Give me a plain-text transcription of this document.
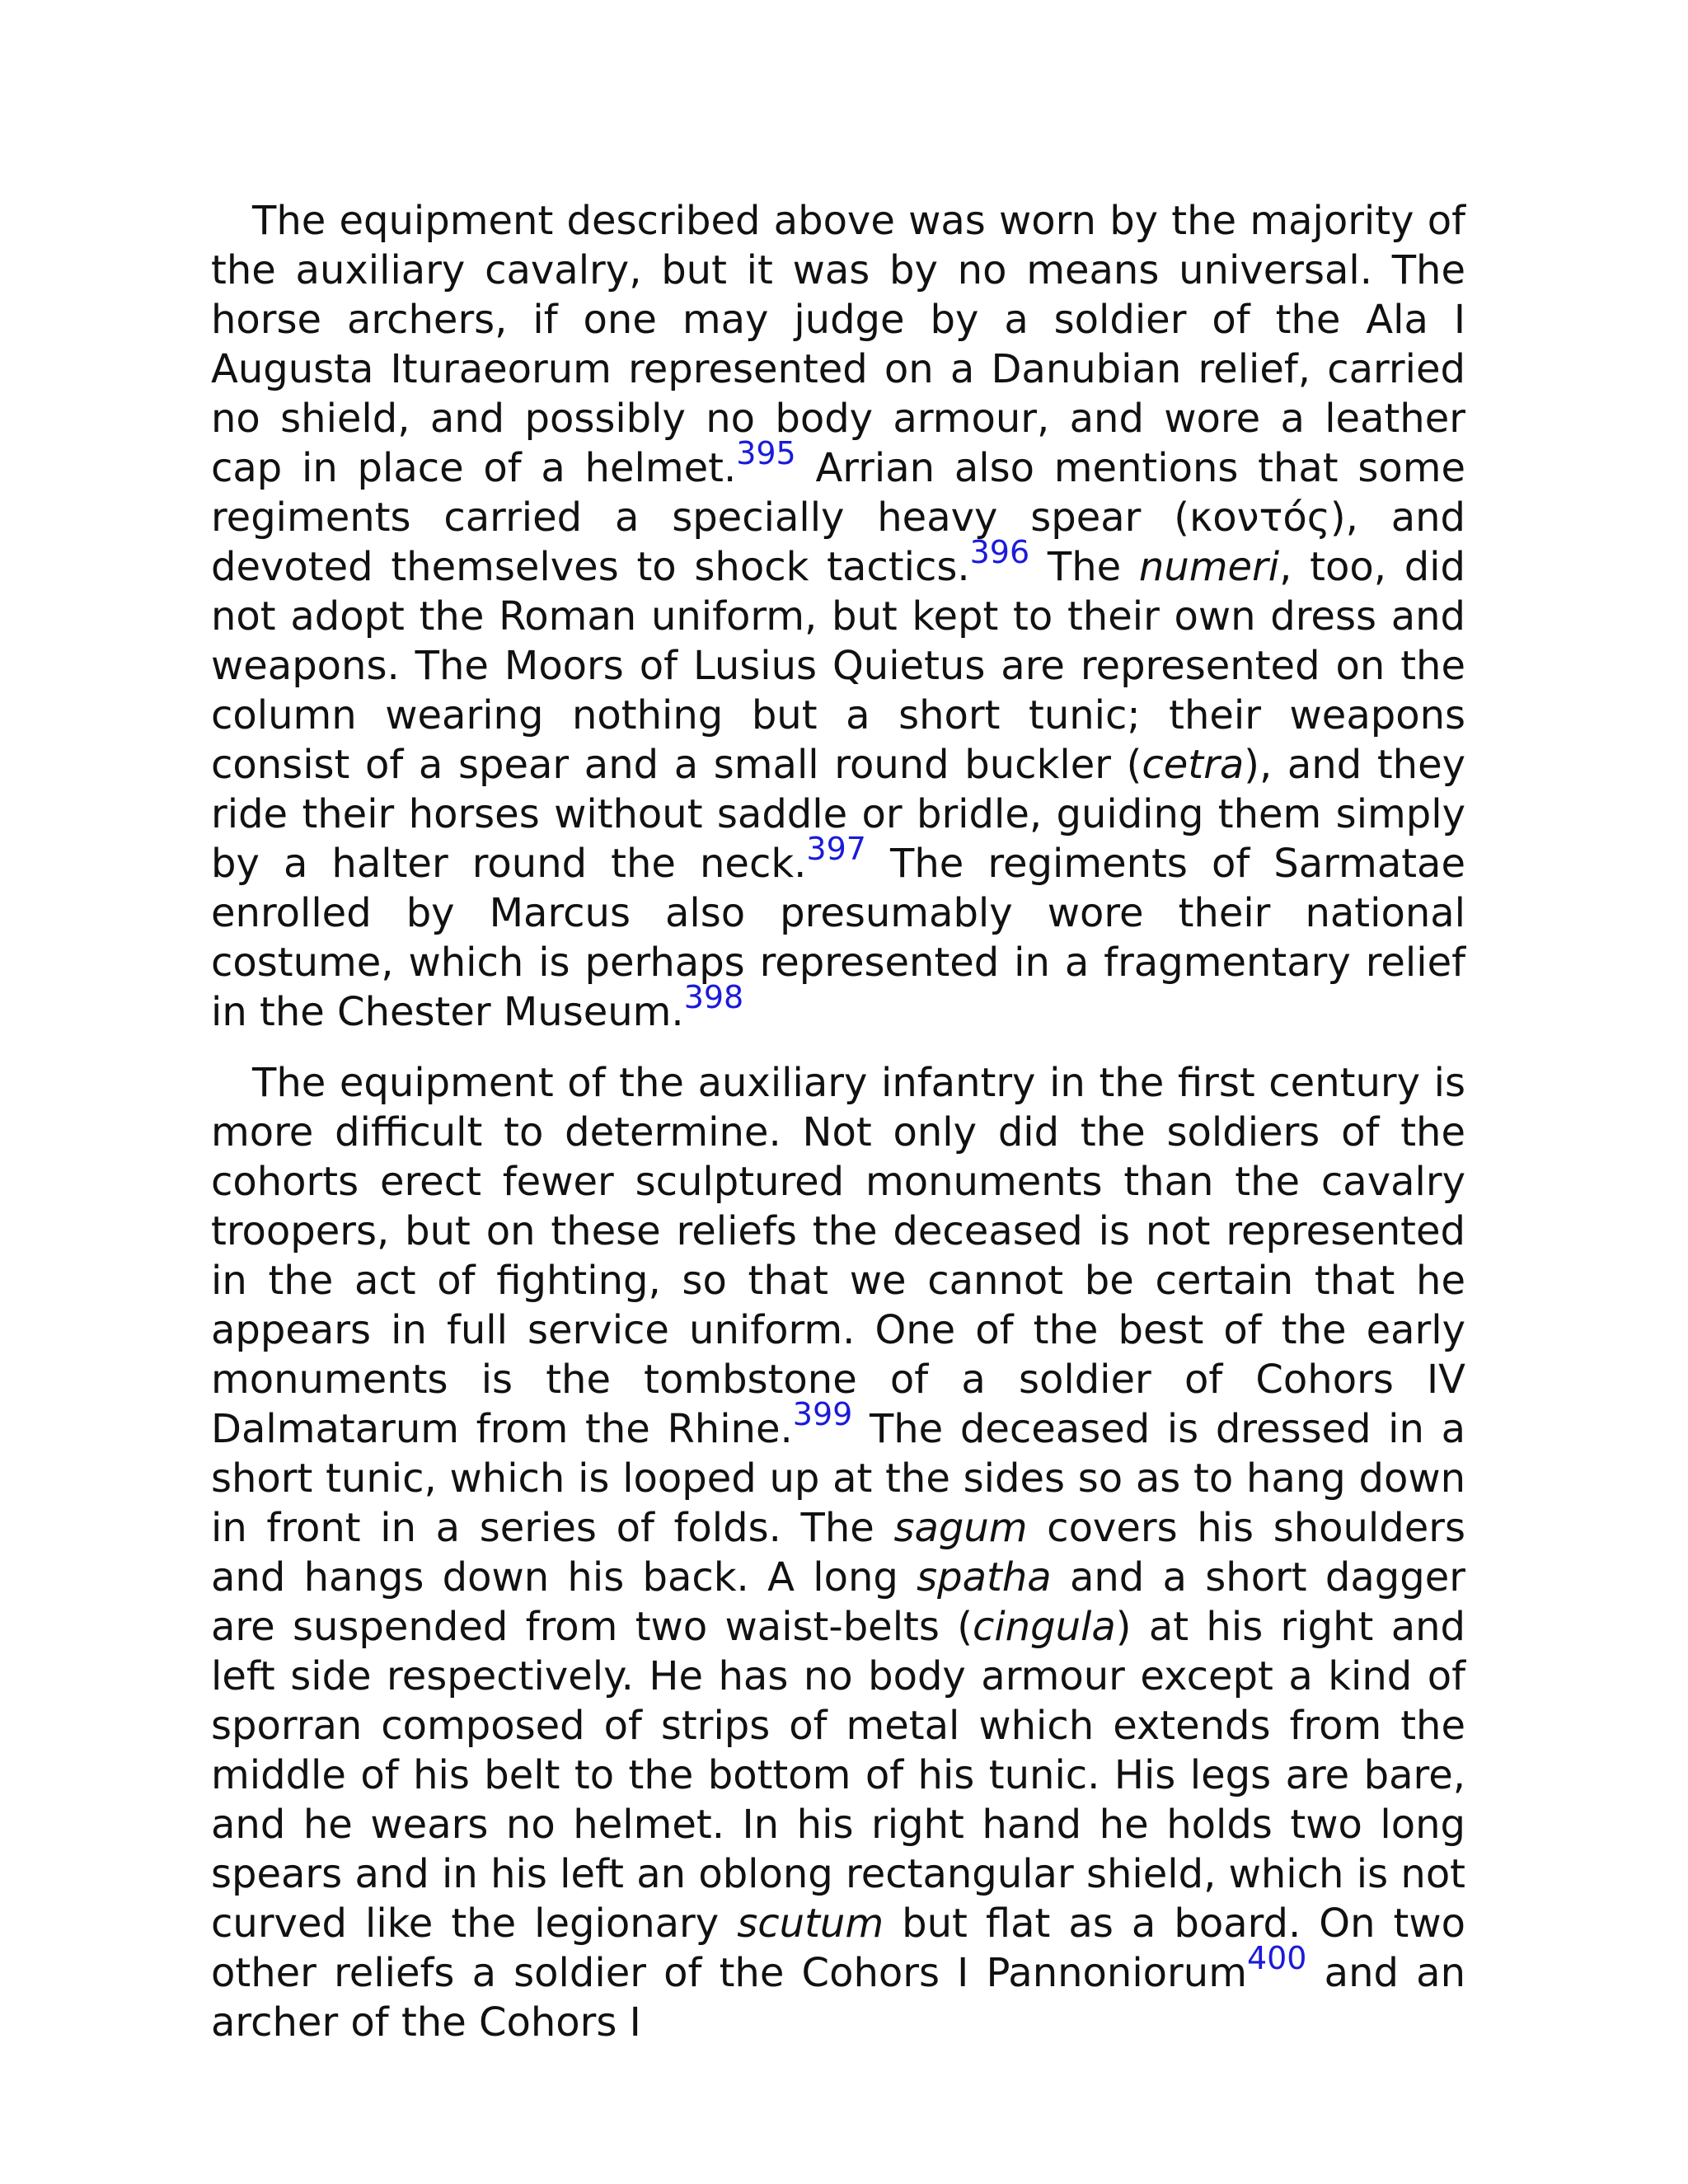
The equipment described above was worn by the majority of the auxiliary cavalry, but it was by no means universal. The horse archers, if one may judge by a soldier of the Ala I Augusta Ituraeorum represented on a Danubian relief, carried no shield, and possibly no body armour, and wore a leather cap in place of a helmet.$^{395}$ Arrian also mentions that some regiments carried a specially heavy spear (κοντός), and devoted themselves to shock tactics.$^{396}$ The numeri, too, did not adopt the Roman uniform, but kept to their own dress and weapons. The Moors of Lusius Quietus are represented on the column wearing nothing but a short tunic; their weapons consist of a spear and a small round buckler (cetra), and they ride their horses without saddle or bridle, guiding them simply by a halter round the neck.$^{397}$ The regiments of Sarmatae enrolled by Marcus also presumably wore their national costume, which is perhaps represented in a fragmentary relief in the Chester Museum.$^{398}$

The equipment of the auxiliary infantry in the first century is more difficult to determine. Not only did the soldiers of the cohorts erect fewer sculptured monuments than the cavalry troopers, but on these reliefs the deceased is not represented in the act of fighting, so that we cannot be certain that he appears in full service uniform. One of the best of the early monuments is the tombstone of a soldier of Cohors IV Dalmatarum from the Rhine.$^{399}$ The deceased is dressed in a short tunic, which is looped up at the sides so as to hang down in front in a series of folds. The sagum covers his shoulders and hangs down his back. A long spatha and a short dagger are suspended from two waist-belts (cingula) at his right and left side respectively. He has no body armour except a kind of sporran composed of strips of metal which extends from the middle of his belt to the bottom of his tunic. His legs are bare, and he wears no helmet. In his right hand he holds two long spears and in his left an oblong rectangular shield, which is not curved like the legionary scutum but flat as a board. On two other reliefs a soldier of the Cohors I Pannoniorum$^{400}$ and an archer of the Cohors I
